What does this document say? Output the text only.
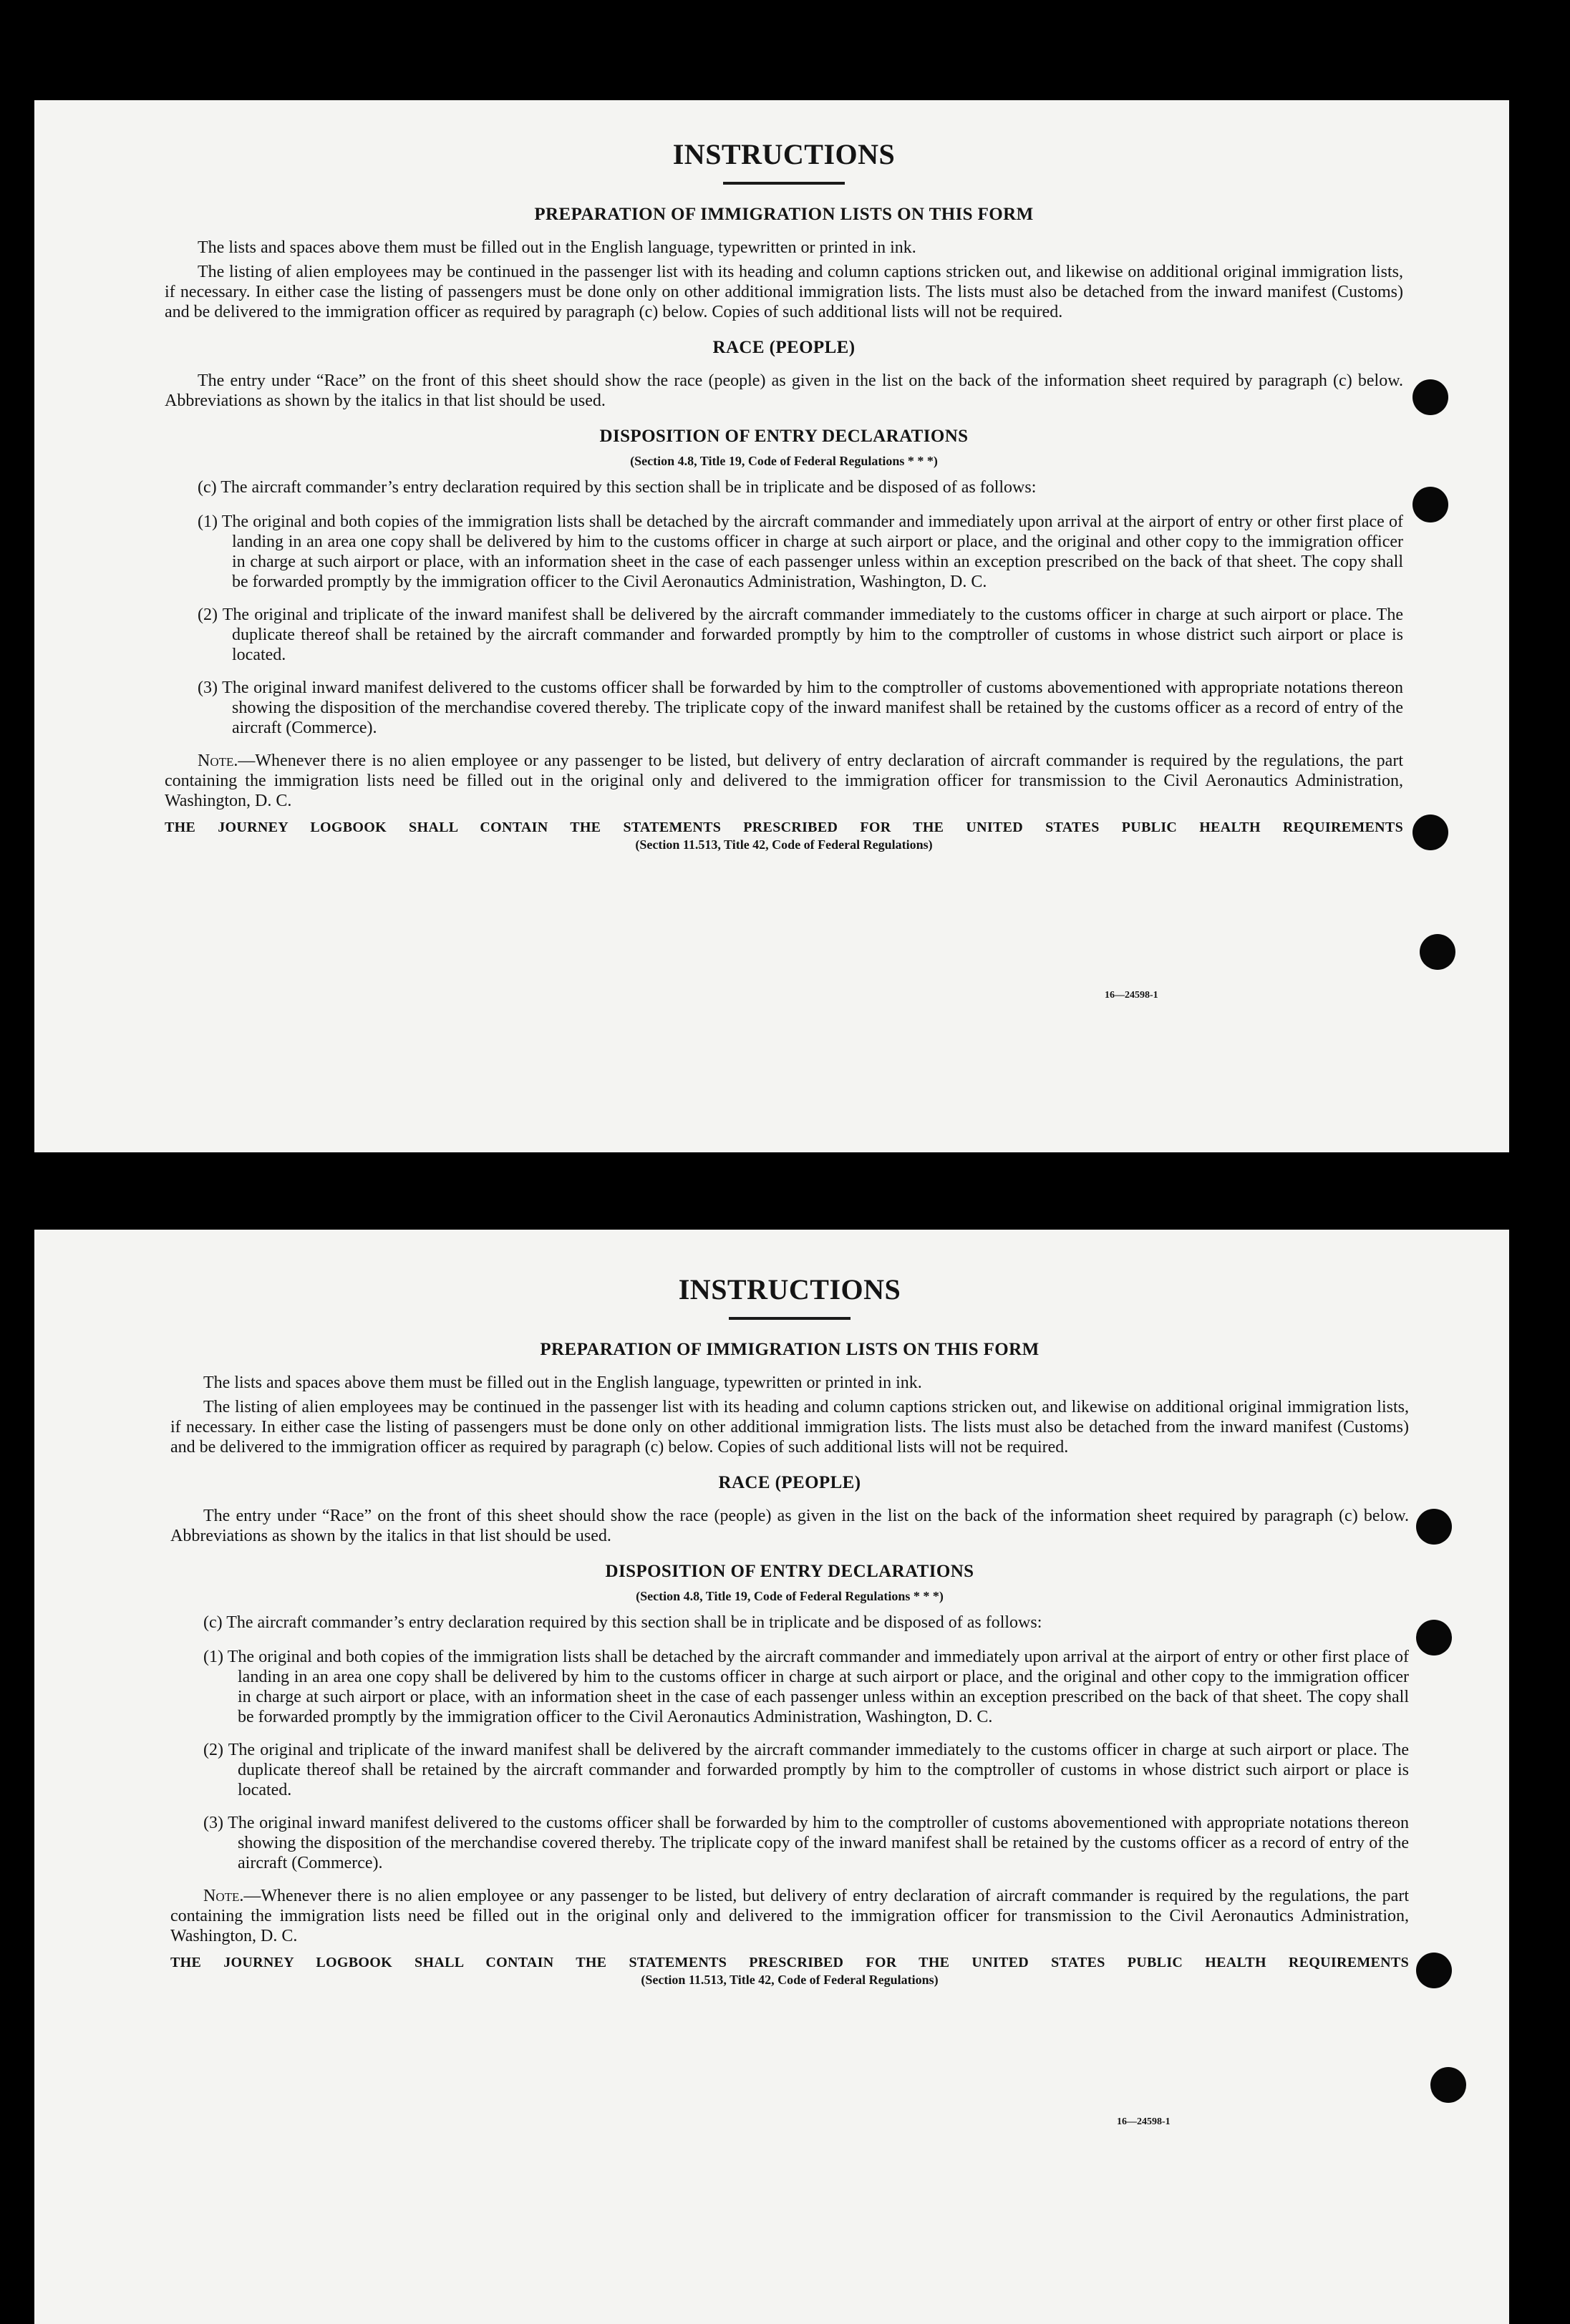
INSTRUCTIONS
PREPARATION OF IMMIGRATION LISTS ON THIS FORM

The lists and spaces above them must be filled out in the English language, typewritten or printed in ink.

The listing of alien employees may be continued in the passenger list with its heading and column captions stricken out, and likewise on additional original immigration lists, if necessary. In either case the listing of passengers must be done only on other additional immigration lists. The lists must also be detached from the inward manifest (Customs) and be delivered to the immigration officer as required by paragraph (c) below. Copies of such additional lists will not be required.

RACE (PEOPLE)

The entry under “Race” on the front of this sheet should show the race (people) as given in the list on the back of the information sheet required by paragraph (c) below. Abbreviations as shown by the italics in that list should be used.

DISPOSITION OF ENTRY DECLARATIONS
(Section 4.8, Title 19, Code of Federal Regulations * * *)

(c) The aircraft commander’s entry declaration required by this section shall be in triplicate and be disposed of as follows:

(1) The original and both copies of the immigration lists shall be detached by the aircraft commander and immediately upon arrival at the airport of entry or other first place of landing in an area one copy shall be delivered by him to the customs officer in charge at such airport or place, and the original and other copy to the immigration officer in charge at such airport or place, with an information sheet in the case of each passenger unless within an exception prescribed on the back of that sheet. The copy shall be forwarded promptly by the immigration officer to the Civil Aeronautics Administration, Washington, D. C.

(2) The original and triplicate of the inward manifest shall be delivered by the aircraft commander immediately to the customs officer in charge at such airport or place. The duplicate thereof shall be retained by the aircraft commander and forwarded promptly by him to the comptroller of customs in whose district such airport or place is located.

(3) The original inward manifest delivered to the customs officer shall be forwarded by him to the comptroller of customs abovementioned with appropriate notations thereon showing the disposition of the merchandise covered thereby. The triplicate copy of the inward manifest shall be retained by the customs officer as a record of entry of the aircraft (Commerce).

Note.—Whenever there is no alien employee or any passenger to be listed, but delivery of entry declaration of aircraft commander is required by the regulations, the part containing the immigration lists need be filled out in the original only and delivered to the immigration officer for transmission to the Civil Aeronautics Administration, Washington, D. C.

THE JOURNEY LOGBOOK SHALL CONTAIN THE STATEMENTS PRESCRIBED FOR THE UNITED STATES PUBLIC HEALTH REQUIREMENTS
(Section 11.513, Title 42, Code of Federal Regulations)
16—24598-1
INSTRUCTIONS
PREPARATION OF IMMIGRATION LISTS ON THIS FORM

The lists and spaces above them must be filled out in the English language, typewritten or printed in ink.

The listing of alien employees may be continued in the passenger list with its heading and column captions stricken out, and likewise on additional original immigration lists, if necessary. In either case the listing of passengers must be done only on other additional immigration lists. The lists must also be detached from the inward manifest (Customs) and be delivered to the immigration officer as required by paragraph (c) below. Copies of such additional lists will not be required.

RACE (PEOPLE)

The entry under “Race” on the front of this sheet should show the race (people) as given in the list on the back of the information sheet required by paragraph (c) below. Abbreviations as shown by the italics in that list should be used.

DISPOSITION OF ENTRY DECLARATIONS
(Section 4.8, Title 19, Code of Federal Regulations * * *)

(c) The aircraft commander’s entry declaration required by this section shall be in triplicate and be disposed of as follows:

(1) The original and both copies of the immigration lists shall be detached by the aircraft commander and immediately upon arrival at the airport of entry or other first place of landing in an area one copy shall be delivered by him to the customs officer in charge at such airport or place, and the original and other copy to the immigration officer in charge at such airport or place, with an information sheet in the case of each passenger unless within an exception prescribed on the back of that sheet. The copy shall be forwarded promptly by the immigration officer to the Civil Aeronautics Administration, Washington, D. C.

(2) The original and triplicate of the inward manifest shall be delivered by the aircraft commander immediately to the customs officer in charge at such airport or place. The duplicate thereof shall be retained by the aircraft commander and forwarded promptly by him to the comptroller of customs in whose district such airport or place is located.

(3) The original inward manifest delivered to the customs officer shall be forwarded by him to the comptroller of customs abovementioned with appropriate notations thereon showing the disposition of the merchandise covered thereby. The triplicate copy of the inward manifest shall be retained by the customs officer as a record of entry of the aircraft (Commerce).

Note.—Whenever there is no alien employee or any passenger to be listed, but delivery of entry declaration of aircraft commander is required by the regulations, the part containing the immigration lists need be filled out in the original only and delivered to the immigration officer for transmission to the Civil Aeronautics Administration, Washington, D. C.

THE JOURNEY LOGBOOK SHALL CONTAIN THE STATEMENTS PRESCRIBED FOR THE UNITED STATES PUBLIC HEALTH REQUIREMENTS
(Section 11.513, Title 42, Code of Federal Regulations)
16—24598-1
